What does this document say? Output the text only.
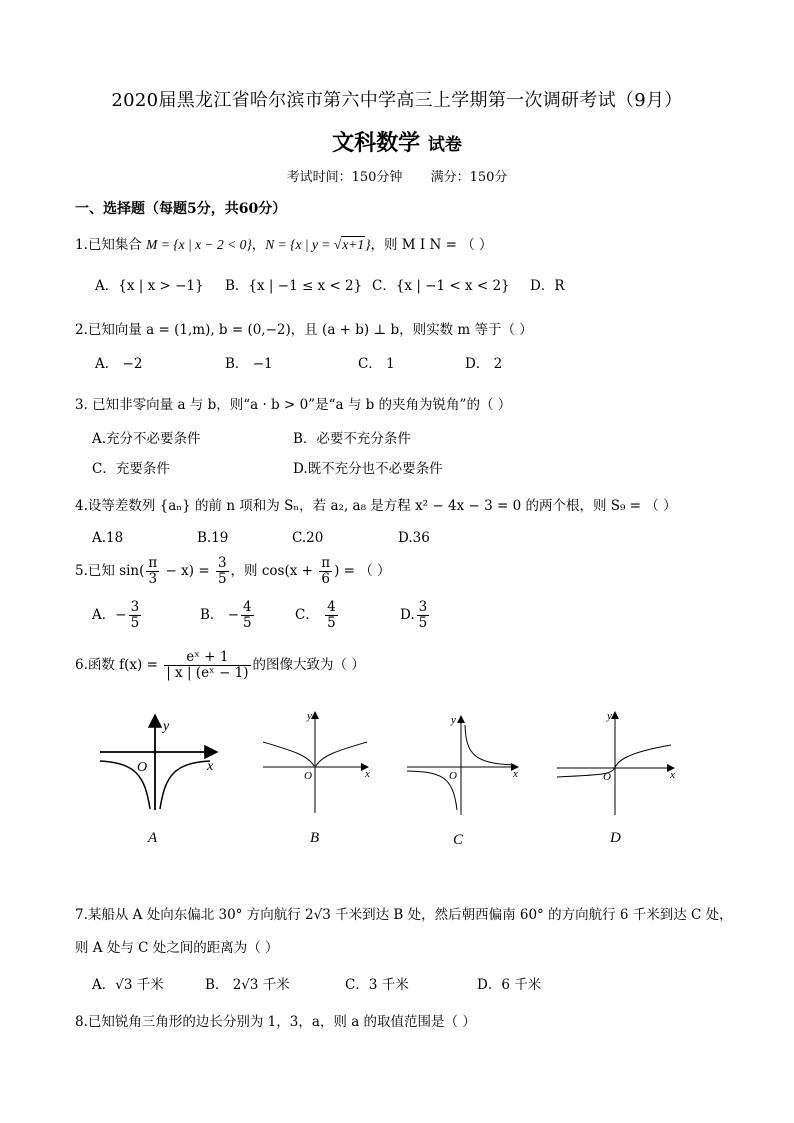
2020届黑龙江省哈尔滨市第六中学高三上学期第一次调研考试（9月）
文科数学 试卷
考试时间：150分钟 满分：150分
一、选择题（每题5分，共60分）
1.已知集合 M = {x | x − 2 < 0}，N = {x | y = √x+1}，则 M I N = （ ）
A．{x | x > −1} B．{x | −1 ≤ x < 2} C．{x | −1 < x < 2} D．R
2.已知向量 a = (1,m), b = (0,−2)，且 (a + b) ⊥ b，则实数 m 等于（ ）
A． −2	B． −1	C． 1	D． 2
3. 已知非零向量 a 与 b，则“a · b > 0”是“a 与 b 的夹角为锐角”的（ ）
A.充分不必要条件	B．必要不充分条件
C．充要条件	D.既不充分也不必要条件
4.设等差数列 {aₙ} 的前 n 项和为 Sₙ，若 a₂, a₈ 是方程 x² − 4x − 3 = 0 的两个根，则 S₉ = （ ）
A.18	B.19	C.20	D.36
5.已知 $\sin( \frac{\pi}{3} - x) = \frac{3}{5}$ ，则 $\cos(x + \frac{\pi}{6}$ ) = （ ）
A．− $\frac{3}{5}$	B． − $\frac{4}{5}$	C． $\frac{4}{5}$	D. $\frac{3}{5}$
6.函数 $f(x) = \frac{\text{eˣ + 1}}{\text{| x | (eˣ − 1)}}$ 的图像大致为（ ）
y
x
O
y
x
O
y
x
O
y
x
O
A	B	C	D
7.某船从 A 处向东偏北 30° 方向航行 2√3 千米到达 B 处，然后朝西偏南 60° 的方向航行 6 千米到达 C 处，
则 A 处与 C 处之间的距离为（ ）
A．√3 千米	B． 2√3 千米	C．3 千米	D．6 千米
8.已知锐角三角形的边长分别为 1，3，a，则 a 的取值范围是（ ）
